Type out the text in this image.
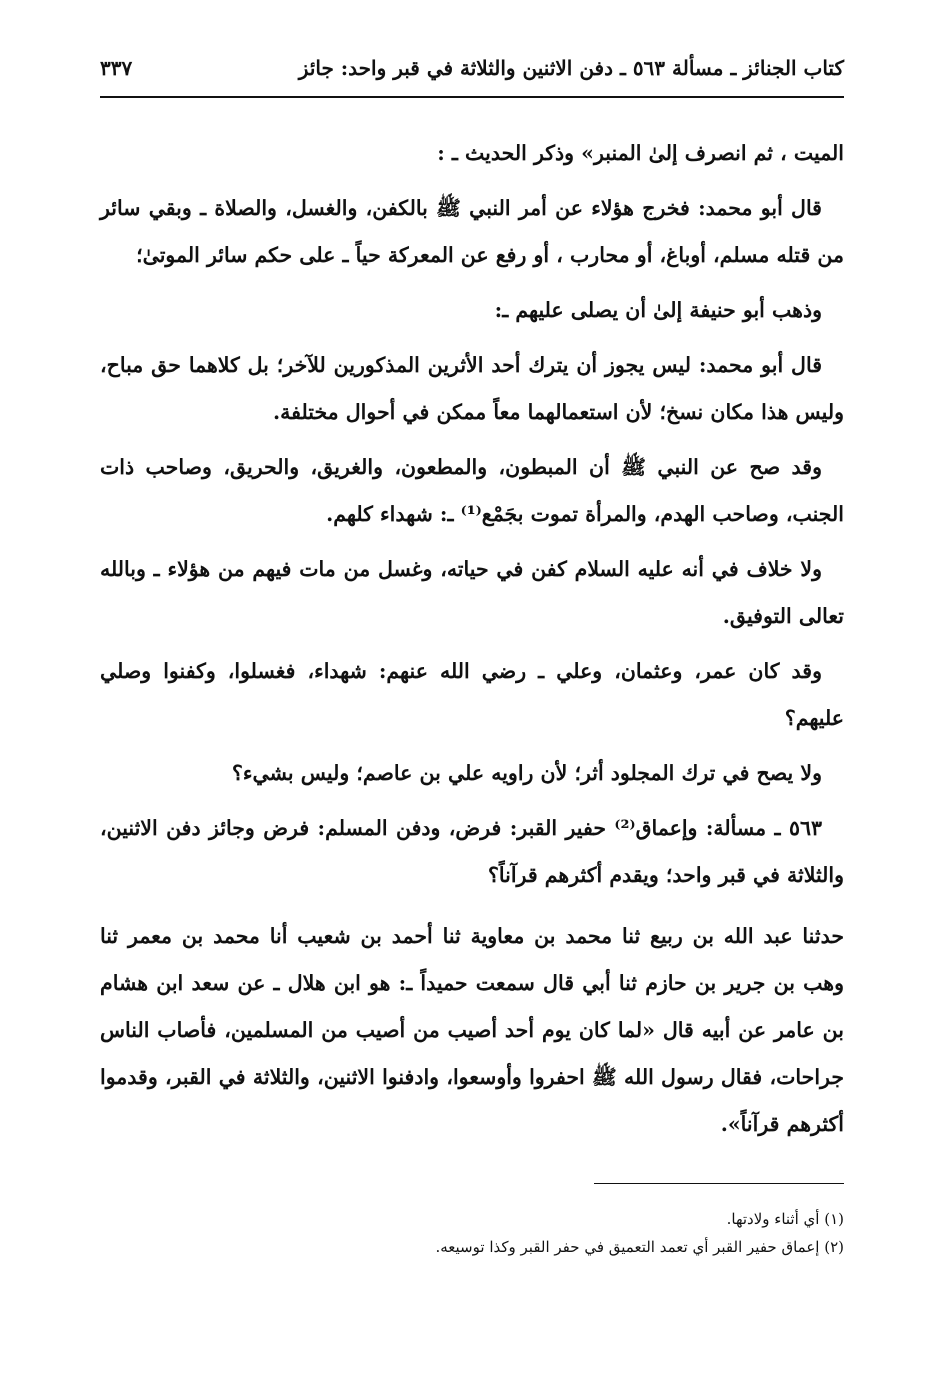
كتاب الجنائز ـ مسألة ٥٦٣ ـ دفن الاثنين والثلاثة في قبر واحد: جائز
٣٣٧

الميت ، ثم انصرف إلىٰ المنبر» وذكر الحديث ـ :

قال أبو محمد: فخرج هؤلاء عن أمر النبي ﷺ بالكفن، والغسل، والصلاة ـ وبقي سائر من قتله مسلم، أوباغ، أو محارب ، أو رفع عن المعركة حياً ـ على حكم سائر الموتىٰ؛

وذهب أبو حنيفة إلىٰ أن يصلى عليهم ـ:

قال أبو محمد: ليس يجوز أن يترك أحد الأثرين المذكورين للآخر؛ بل كلاهما حق مباح، وليس هذا مكان نسخ؛ لأن استعمالهما معاً ممكن في أحوال مختلفة.

وقد صح عن النبي ﷺ أن المبطون، والمطعون، والغريق، والحريق، وصاحب ذات الجنب، وصاحب الهدم، والمرأة تموت بجَمْع⁽¹⁾ ـ: شهداء كلهم.

ولا خلاف في أنه عليه السلام كفن في حياته، وغسل من مات فيهم من هؤلاء ـ وبالله تعالى التوفيق.

وقد كان عمر، وعثمان، وعلي ـ رضي الله عنهم: شهداء، فغسلوا، وكفنوا وصلي عليهم؟

ولا يصح في ترك المجلود أثر؛ لأن راويه علي بن عاصم؛ وليس بشيء؟

٥٦٣ ـ مسألة: وإعماق⁽²⁾ حفير القبر: فرض، ودفن المسلم: فرض وجائز دفن الاثنين، والثلاثة في قبر واحد؛ ويقدم أكثرهم قرآناً؟

حدثنا عبد الله بن ربيع ثنا محمد بن معاوية ثنا أحمد بن شعيب أنا محمد بن معمر ثنا وهب بن جرير بن حازم ثنا أبي قال سمعت حميداً ـ: هو ابن هلال ـ عن سعد ابن هشام بن عامر عن أبيه قال «لما كان يوم أحد أصيب من أصيب من المسلمين، فأصاب الناس جراحات، فقال رسول الله ﷺ احفروا وأوسعوا، وادفنوا الاثنين، والثلاثة في القبر، وقدموا أكثرهم قرآناً».

(١) أي أثناء ولادتها.
(٢) إعماق حفير القبر أي تعمد التعميق في حفر القبر وكذا توسيعه.
